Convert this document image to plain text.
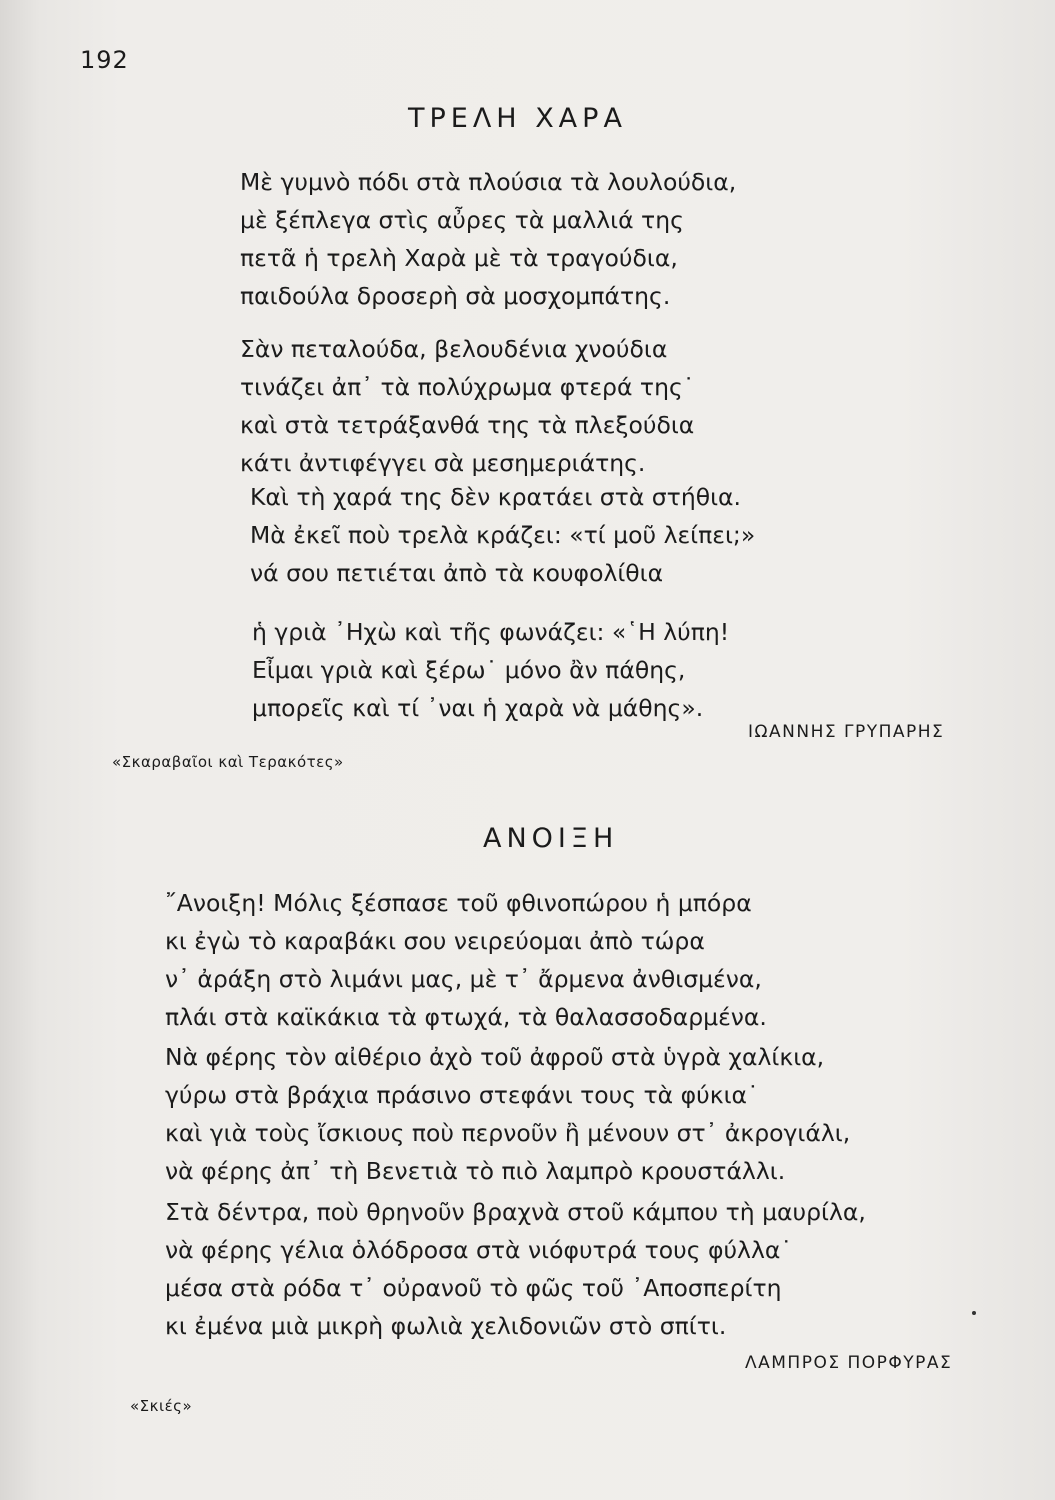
192
ΤΡΕΛΗ ΧΑΡΑ
Μὲ γυμνὸ πόδι στὰ πλούσια τὰ λουλούδια,
μὲ ξέπλεγα στὶς αὖρες τὰ μαλλιά της
πετᾶ ἡ τρελὴ Χαρὰ μὲ τὰ τραγούδια,
παιδούλα δροσερὴ σὰ μοσχομπάτης.
Σὰν πεταλούδα, βελουδένια χνούδια
τινάζει ἀπ᾽ τὰ πολύχρωμα φτερά της˙
καὶ στὰ τετράξανθά της τὰ πλεξούδια
κάτι ἀντιφέγγει σὰ μεσημεριάτης.
Καὶ τὴ χαρά της δὲν κρατάει στὰ στήθια.
Μὰ ἐκεῖ ποὺ τρελὰ κράζει: «τί μοῦ λείπει;»
νά σου πετιέται ἀπὸ τὰ κουφολίθια
ἡ γριὰ ᾽Ηχὼ καὶ τῆς φωνάζει: «῾Η λύπη!
Εἶμαι γριὰ καὶ ξέρω˙ μόνο ἂν πάθης,
μπορεῖς καὶ τί ᾽ναι ἡ χαρὰ νὰ μάθης».
ΙΩΑΝΝΗΣ ΓΡΥΠΑΡΗΣ
«Σκαραβαῖοι καὶ Τερακότες»
ΑΝΟΙΞΗ
῎Ανοιξη! Μόλις ξέσπασε τοῦ φθινοπώρου ἡ μπόρα
κι ἐγὼ τὸ καραβάκι σου νειρεύομαι ἀπὸ τώρα
ν᾽ ἀράξη στὸ λιμάνι μας, μὲ τ᾽ ἄρμενα ἀνθισμένα,
πλάι στὰ καϊκάκια τὰ φτωχά, τὰ θαλασσοδαρμένα.
Νὰ φέρης τὸν αἰθέριο ἀχὸ τοῦ ἀφροῦ στὰ ὑγρὰ χαλίκια,
γύρω στὰ βράχια πράσινο στεφάνι τους τὰ φύκια˙
καὶ γιὰ τοὺς ἴσκιους ποὺ περνοῦν ἢ μένουν στ᾽ ἀκρογιάλι,
νὰ φέρης ἀπ᾽ τὴ Βενετιὰ τὸ πιὸ λαμπρὸ κρουστάλλι.
Στὰ δέντρα, ποὺ θρηνοῦν βραχνὰ στοῦ κάμπου τὴ μαυρίλα,
νὰ φέρης γέλια ὁλόδροσα στὰ νιόφυτρά τους φύλλα˙
μέσα στὰ ρόδα τ᾽ οὐρανοῦ τὸ φῶς τοῦ ᾽Αποσπερίτη
κι ἐμένα μιὰ μικρὴ φωλιὰ χελιδονιῶν στὸ σπίτι.
ΛΑΜΠΡΟΣ ΠΟΡΦΥΡΑΣ
«Σκιές»
